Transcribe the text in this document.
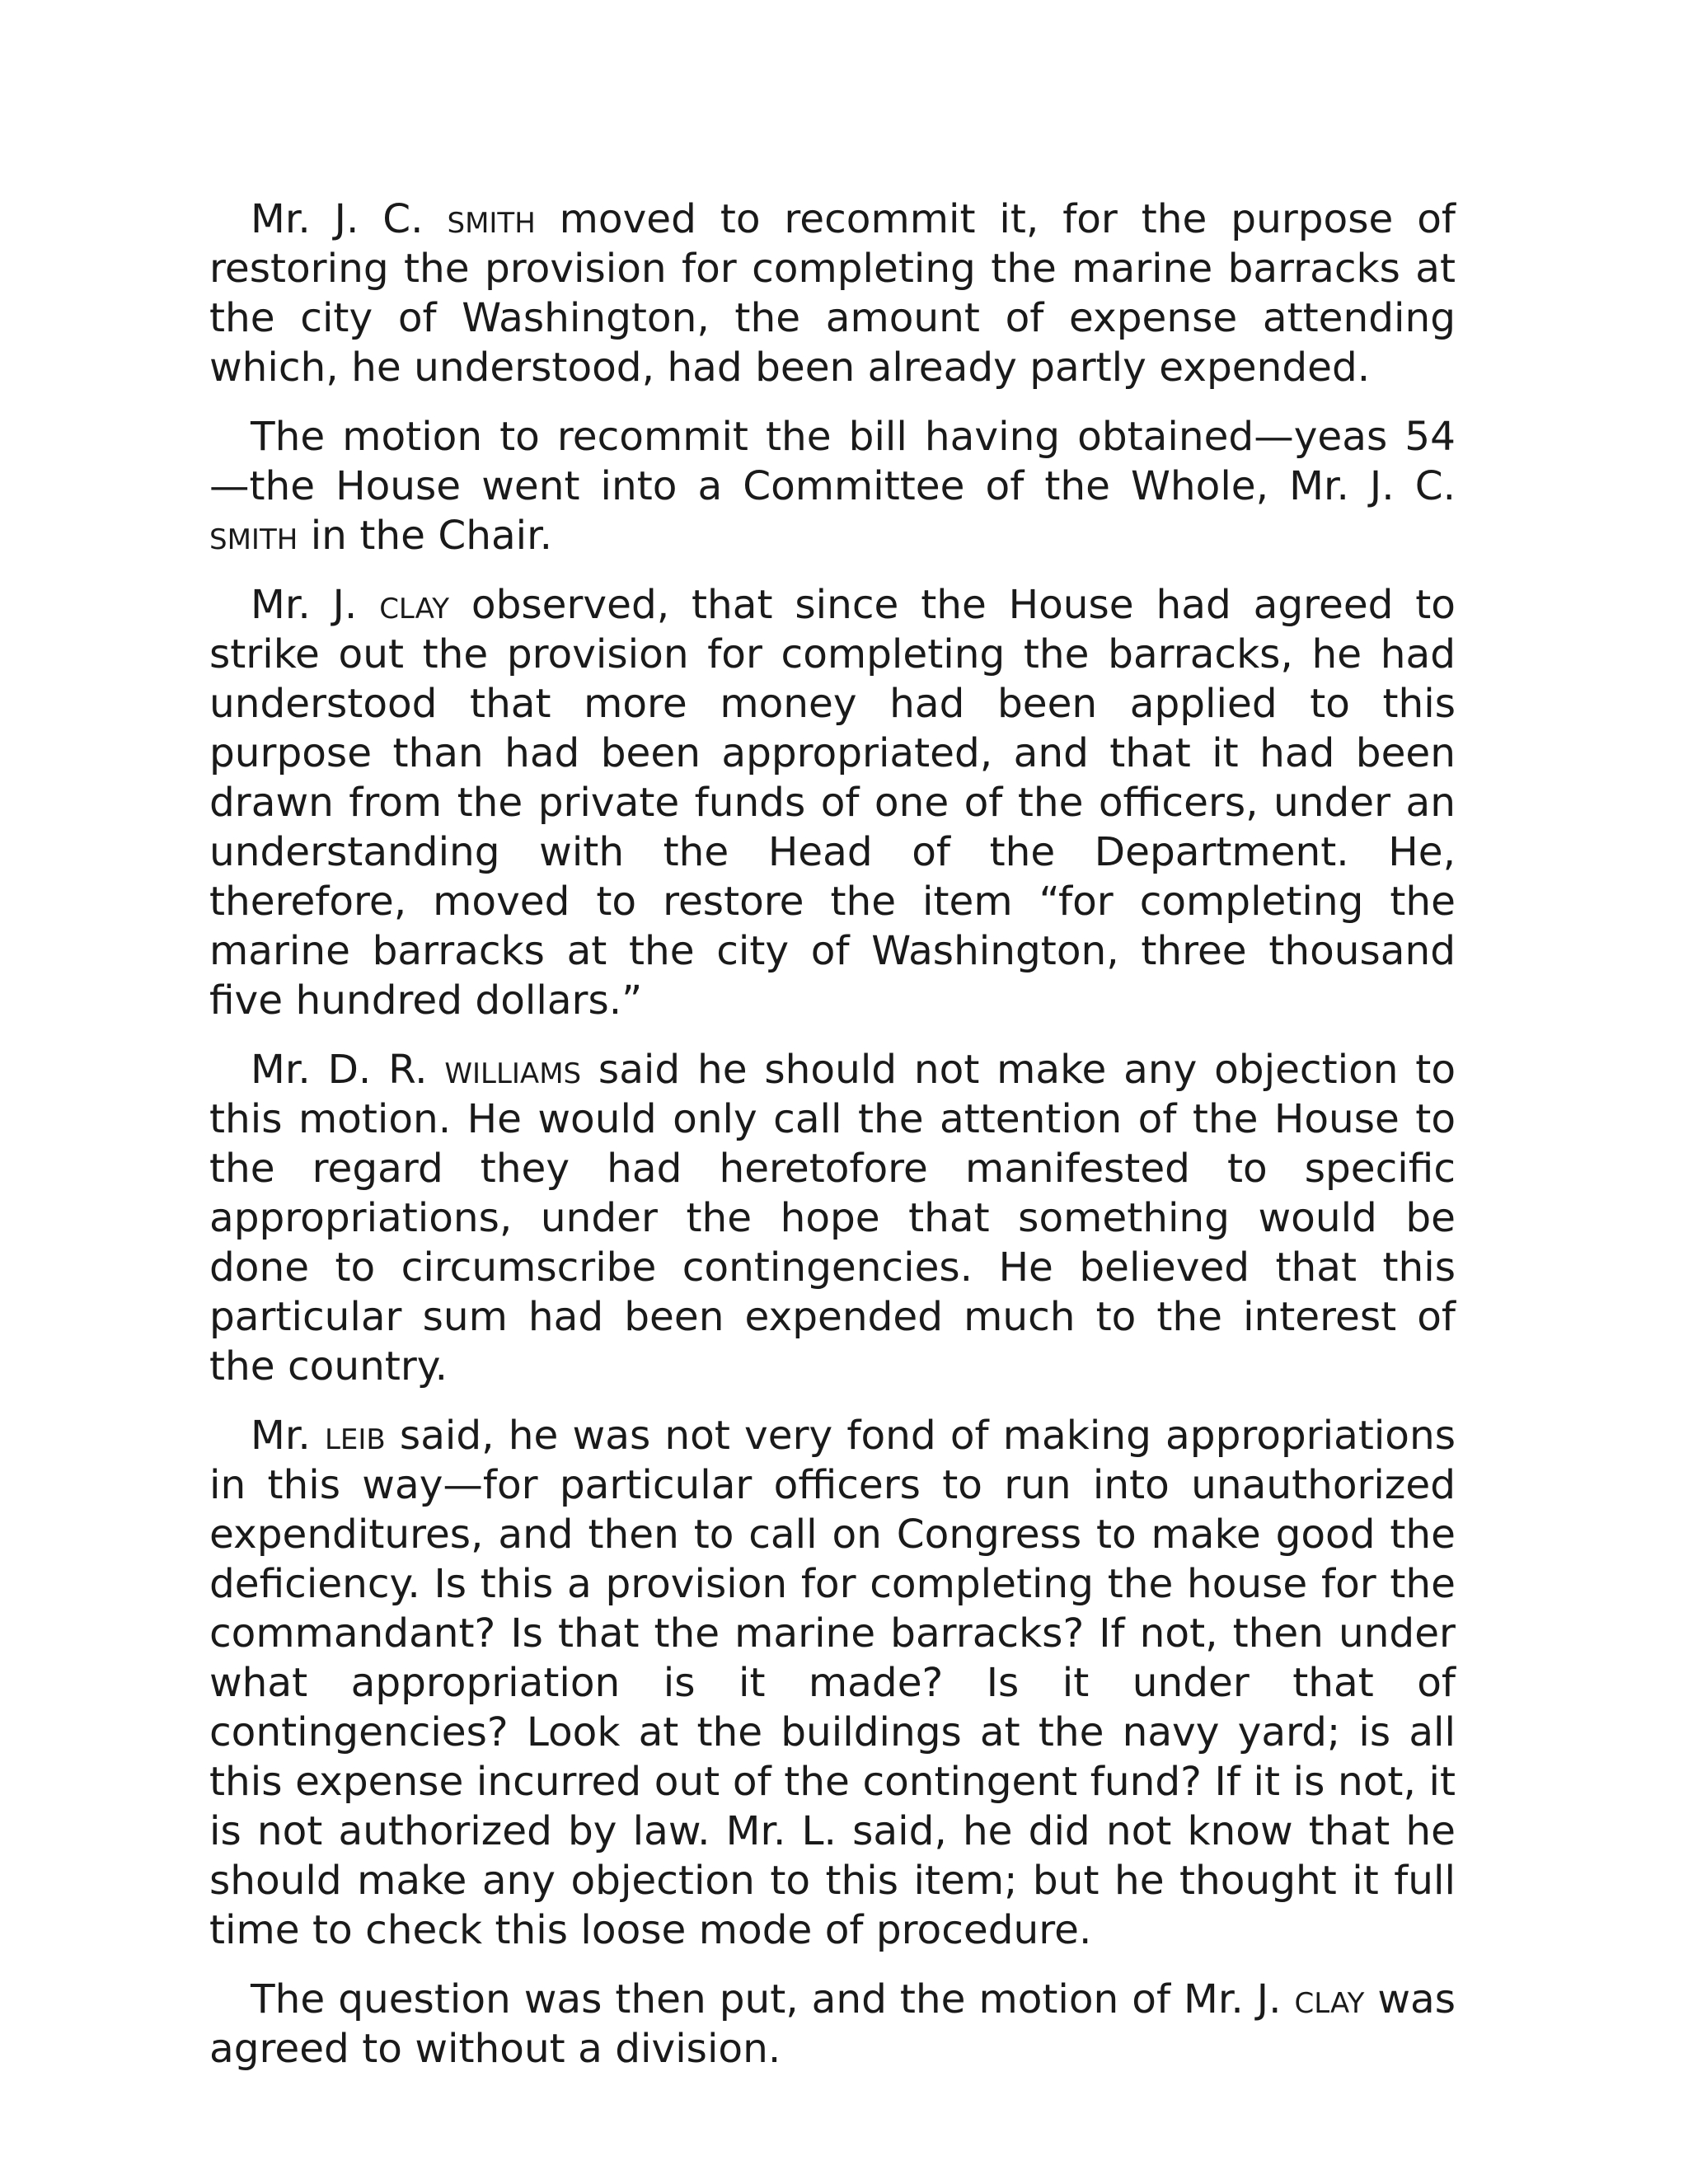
Mr. J. C. smith moved to recommit it, for the purpose of restoring the provision for completing the marine barracks at the city of Washington, the amount of expense attending which, he understood, had been already partly expended.

The motion to recommit the bill having obtained—yeas 54—the House went into a Committee of the Whole, Mr. J. C. smith in the Chair.

Mr. J. clay observed, that since the House had agreed to strike out the provision for completing the barracks, he had understood that more money had been applied to this purpose than had been appropriated, and that it had been drawn from the private funds of one of the officers, under an understanding with the Head of the Department. He, therefore, moved to restore the item “for completing the marine barracks at the city of Washington, three thousand five hundred dollars.”

Mr. D. R. williams said he should not make any objection to this motion. He would only call the attention of the House to the regard they had heretofore manifested to specific appropriations, under the hope that something would be done to circumscribe contingencies. He believed that this particular sum had been expended much to the interest of the country.

Mr. leib said, he was not very fond of making appropriations in this way—for particular officers to run into unauthorized expenditures, and then to call on Congress to make good the deficiency. Is this a provision for completing the house for the commandant? Is that the marine barracks? If not, then under what appropriation is it made? Is it under that of contingencies? Look at the buildings at the navy yard; is all this expense incurred out of the contingent fund? If it is not, it is not authorized by law. Mr. L. said, he did not know that he should make any objection to this item; but he thought it full time to check this loose mode of procedure.

The question was then put, and the motion of Mr. J. clay was agreed to without a division.
